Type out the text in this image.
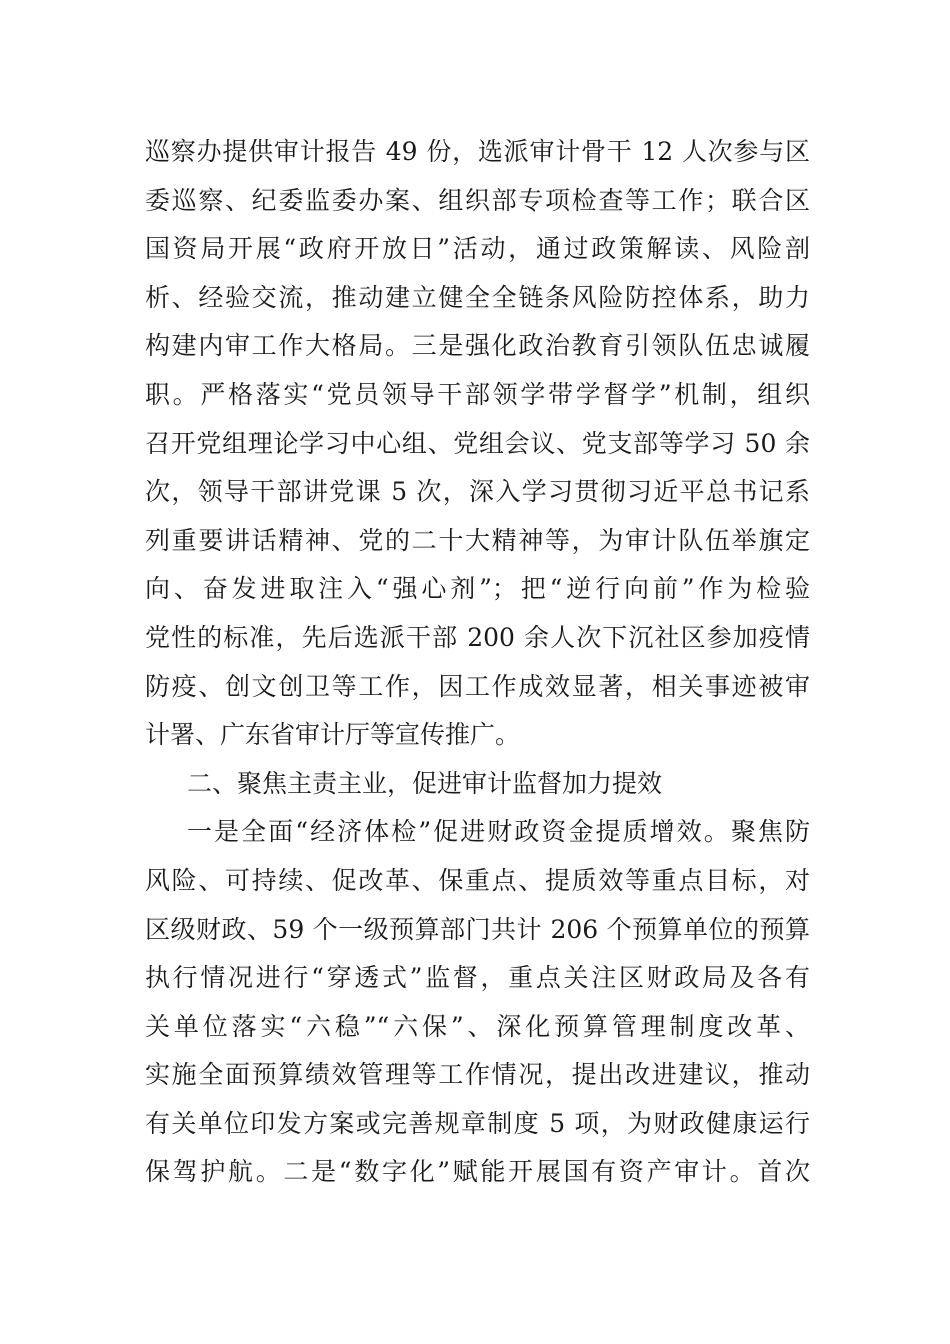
巡察办提供审计报告 49 份，选派审计骨干 12 人次参与区
委巡察、纪委监委办案、组织部专项检查等工作；联合区
国资局开展“政府开放日”活动，通过政策解读、风险剖
析、经验交流，推动建立健全全链条风险防控体系，助力
构建内审工作大格局。三是强化政治教育引领队伍忠诚履
职。严格落实“党员领导干部领学带学督学”机制，组织
召开党组理论学习中心组、党组会议、党支部等学习 50 余
次，领导干部讲党课 5 次，深入学习贯彻习近平总书记系
列重要讲话精神、党的二十大精神等，为审计队伍举旗定
向、奋发进取注入“强心剂”；把“逆行向前”作为检验
党性的标准，先后选派干部 200 余人次下沉社区参加疫情
防疫、创文创卫等工作，因工作成效显著，相关事迹被审
计署、广东省审计厅等宣传推广。
二、聚焦主责主业，促进审计监督加力提效
一是全面“经济体检”促进财政资金提质增效。聚焦防
风险、可持续、促改革、保重点、提质效等重点目标，对
区级财政、59 个一级预算部门共计 206 个预算单位的预算
执行情况进行“穿透式”监督，重点关注区财政局及各有
关单位落实“六稳”“六保”、深化预算管理制度改革、
实施全面预算绩效管理等工作情况，提出改进建议，推动
有关单位印发方案或完善规章制度 5 项，为财政健康运行
保驾护航。二是“数字化”赋能开展国有资产审计。首次
